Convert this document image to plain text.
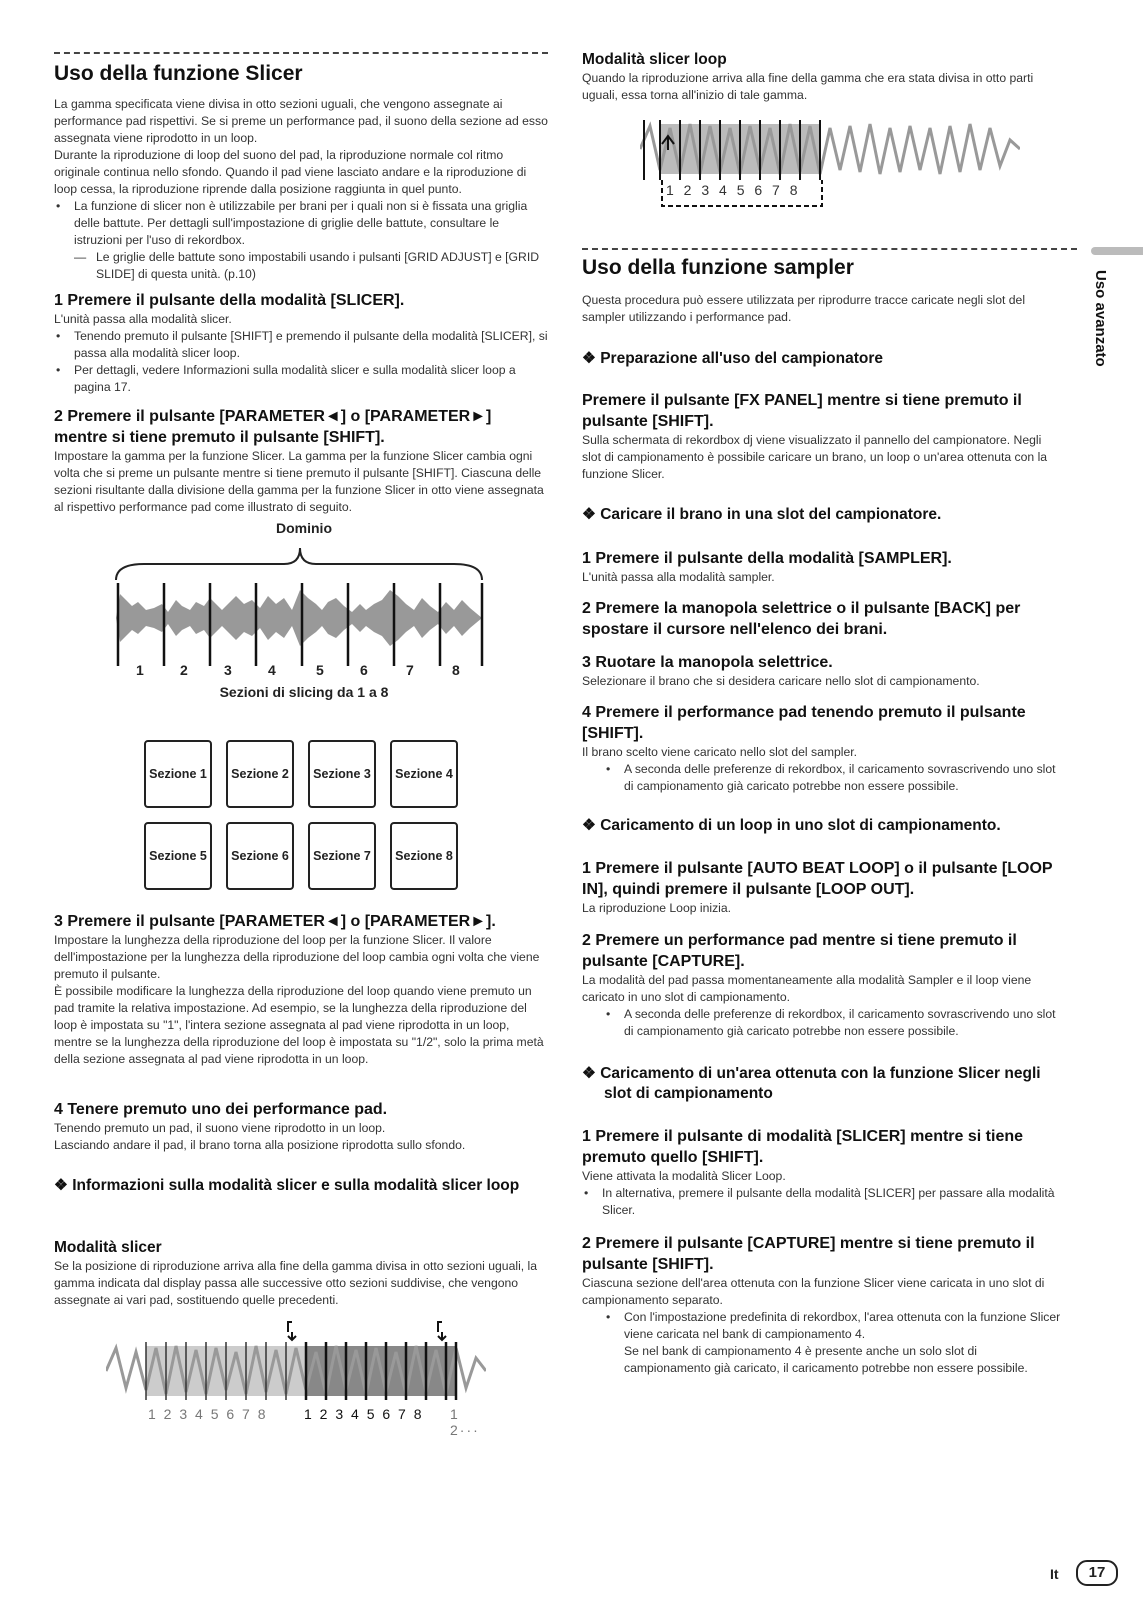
Uso avanzato
Uso della funzione Slicer

La gamma specificata viene divisa in otto sezioni uguali, che vengono assegnate ai performance pad rispettivi. Se si preme un performance pad, il suono della sezione ad esso assegnata viene riprodotto in un loop.

Durante la riproduzione di loop del suono del pad, la riproduzione normale col ritmo originale continua nello sfondo. Quando il pad viene lasciato andare e la riproduzione di loop cessa, la riproduzione riprende dalla posizione raggiunta in quel punto.

• La funzione di slicer non è utilizzabile per brani per i quali non si è fissata una griglia delle battute. Per dettagli sull'impostazione di griglie delle battute, consultare le istruzioni per l'uso di rekordbox.
— Le griglie delle battute sono impostabili usando i pulsanti [GRID ADJUST] e [GRID SLIDE] di questa unità. (p.10)

1 Premere il pulsante della modalità [SLICER].

L'unità passa alla modalità slicer.

• Tenendo premuto il pulsante [SHIFT] e premendo il pulsante della modalità [SLICER], si passa alla modalità slicer loop.
• Per dettagli, vedere Informazioni sulla modalità slicer e sulla modalità slicer loop a pagina 17.

2 Premere il pulsante [PARAMETER◄] o [PARAMETER►] mentre si tiene premuto il pulsante [SHIFT].

Impostare la gamma per la funzione Slicer. La gamma per la funzione Slicer cambia ogni volta che si preme un pulsante mentre si tiene premuto il pulsante [SHIFT]. Ciascuna delle sezioni risultante dalla divisione della gamma per la funzione Slicer in otto viene assegnata al rispettivo performance pad come illustrato di seguito.

Dominio
1	2	3	4	5	6	7	8
Sezioni di slicing da 1 a 8
Sezione 1	Sezione 2	Sezione 3	Sezione 4
Sezione 5	Sezione 6	Sezione 7	Sezione 8

3 Premere il pulsante [PARAMETER◄] o [PARAMETER►].

Impostare la lunghezza della riproduzione del loop per la funzione Slicer. Il valore dell'impostazione per la lunghezza della riproduzione del loop cambia ogni volta che viene premuto il pulsante.

È possibile modificare la lunghezza della riproduzione del loop quando viene premuto un pad tramite la relativa impostazione. Ad esempio, se la lunghezza della riproduzione del loop è impostata su "1", l'intera sezione assegnata al pad viene riprodotta in un loop, mentre se la lunghezza della riproduzione del loop è impostata su "1/2", solo la prima metà della sezione assegnata al pad viene riprodotta in un loop.

4 Tenere premuto uno dei performance pad.

Tenendo premuto un pad, il suono viene riprodotto in un loop.

Lasciando andare il pad, il brano torna alla posizione riprodotta sullo sfondo.

❖ Informazioni sulla modalità slicer e sulla modalità slicer loop

Modalità slicer

Se la posizione di riproduzione arriva alla fine della gamma divisa in otto sezioni uguali, la gamma indicata dal display passa alle successive otto sezioni suddivise, che vengono assegnate ai vari pad, sostituendo quelle precedenti.

1 2 3 4 5 6 7 8	1 2 3 4 5 6 7 8 1 2···

Modalità slicer loop

Quando la riproduzione arriva alla fine della gamma che era stata divisa in otto parti uguali, essa torna all'inizio di tale gamma.

1 2 3 4 5 6 7 8
Uso della funzione sampler

Questa procedura può essere utilizzata per riprodurre tracce caricate negli slot del sampler utilizzando i performance pad.

❖ Preparazione all'uso del campionatore

Premere il pulsante [FX PANEL] mentre si tiene premuto il pulsante [SHIFT].

Sulla schermata di rekordbox dj viene visualizzato il pannello del campionatore. Negli slot di campionamento è possibile caricare un brano, un loop o un'area ottenuta con la funzione Slicer.

❖ Caricare il brano in una slot del campionatore.

1 Premere il pulsante della modalità [SAMPLER].

L'unità passa alla modalità sampler.

2 Premere la manopola selettrice o il pulsante [BACK] per spostare il cursore nell'elenco dei brani.

3 Ruotare la manopola selettrice.

Selezionare il brano che si desidera caricare nello slot di campionamento.

4 Premere il performance pad tenendo premuto il pulsante [SHIFT].

Il brano scelto viene caricato nello slot del sampler.

• A seconda delle preferenze di rekordbox, il caricamento sovrascrivendo uno slot di campionamento già caricato potrebbe non essere possibile.

❖ Caricamento di un loop in uno slot di campionamento.

1 Premere il pulsante [AUTO BEAT LOOP] o il pulsante [LOOP IN], quindi premere il pulsante [LOOP OUT].

La riproduzione Loop inizia.

2 Premere un performance pad mentre si tiene premuto il pulsante [CAPTURE].

La modalità del pad passa momentaneamente alla modalità Sampler e il loop viene caricato in uno slot di campionamento.

• A seconda delle preferenze di rekordbox, il caricamento sovrascrivendo uno slot di campionamento già caricato potrebbe non essere possibile.

❖ Caricamento di un'area ottenuta con la funzione Slicer negli slot di campionamento

1 Premere il pulsante di modalità [SLICER] mentre si tiene premuto quello [SHIFT].

Viene attivata la modalità Slicer Loop.

• In alternativa, premere il pulsante della modalità [SLICER] per passare alla modalità Slicer.

2 Premere il pulsante [CAPTURE] mentre si tiene premuto il pulsante [SHIFT].

Ciascuna sezione dell'area ottenuta con la funzione Slicer viene caricata in uno slot di campionamento separato.

• Con l'impostazione predefinita di rekordbox, l'area ottenuta con la funzione Slicer viene caricata nel bank di campionamento 4.
Se nel bank di campionamento 4 è presente anche un solo slot di campionamento già caricato, il caricamento potrebbe non essere possibile.
It	17
